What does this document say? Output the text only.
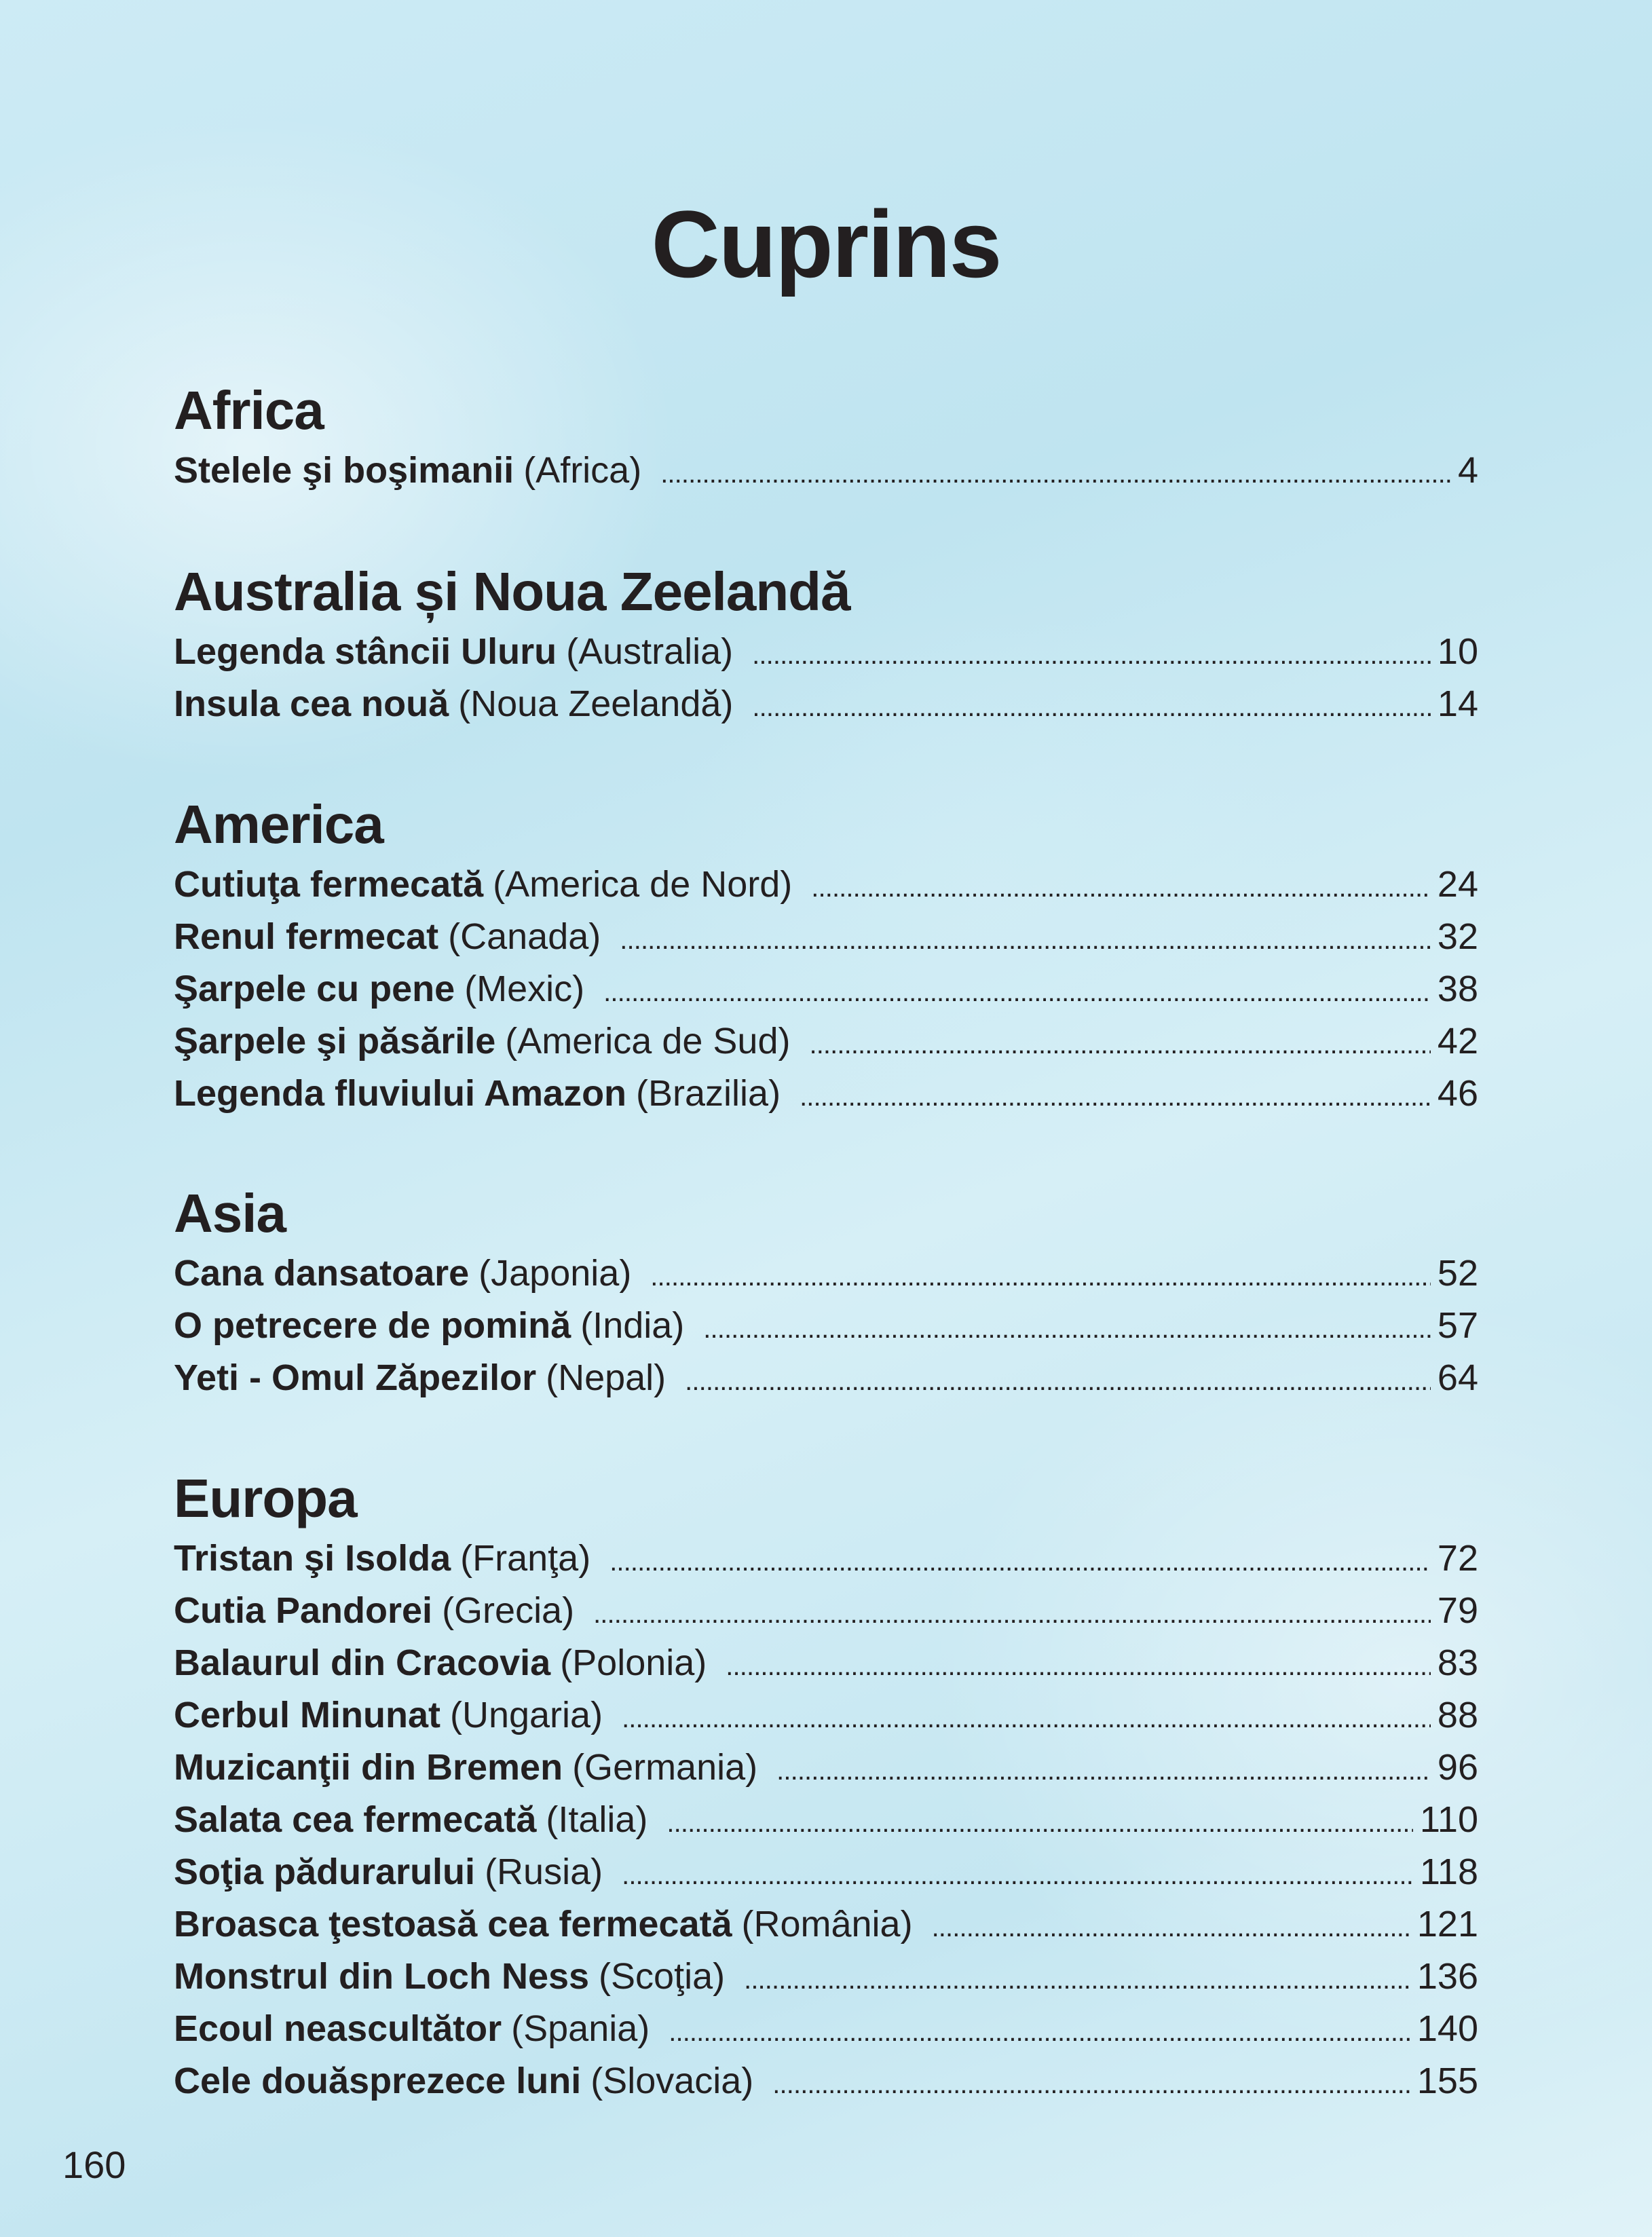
Cuprins
Africa
Stelele şi boşimanii (Africa) . . .	4
Australia și Noua Zeelandă
Legenda stâncii Uluru (Australia) . . .	10
Insula cea nouă (Noua Zeelandă) . . .	14
America
Cutiuţa fermecată (America de Nord) . . .	24
Renul fermecat (Canada) . . .	32
Şarpele cu pene (Mexic) . . .	38
Şarpele şi păsările (America de Sud) . . .	42
Legenda fluviului Amazon (Brazilia) . . .	46
Asia
Cana dansatoare (Japonia) . . .	52
O petrecere de pomină (India) . . .	57
Yeti - Omul Zăpezilor (Nepal) . . .	64
Europa
Tristan şi Isolda (Franţa) . . .	72
Cutia Pandorei (Grecia) . . .	79
Balaurul din Cracovia (Polonia) . . .	83
Cerbul Minunat (Ungaria) . . .	88
Muzicanţii din Bremen (Germania) . . .	96
Salata cea fermecată (Italia) . . .	110
Soţia pădurarului (Rusia) . . .	118
Broasca ţestoasă cea fermecată (România) . . .	121
Monstrul din Loch Ness (Scoţia) . . .	136
Ecoul neascultător (Spania) . . .	140
Cele douăsprezece luni (Slovacia) . . .	155
160
